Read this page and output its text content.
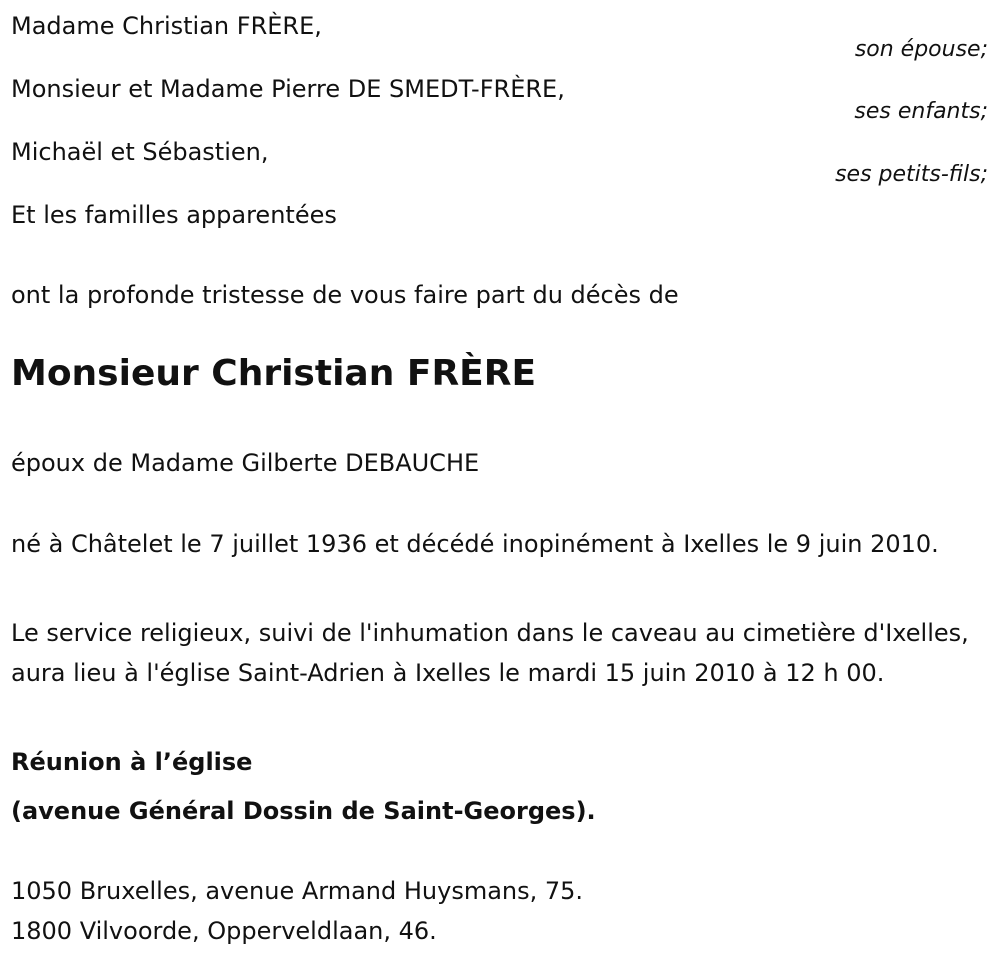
Madame Christian FRÈRE,
son épouse;
Monsieur et Madame Pierre DE SMEDT-FRÈRE,
ses enfants;
Michaël et Sébastien,
ses petits-fils;
Et les familles apparentées
ont la profonde tristesse de vous faire part du décès de
Monsieur Christian FRÈRE
époux de Madame Gilberte DEBAUCHE
né à Châtelet le 7 juillet 1936 et décédé inopinément à Ixelles le 9 juin 2010.
Le service religieux, suivi de l'inhumation dans le caveau au cimetière d'Ixelles, aura lieu à l'église Saint-Adrien à Ixelles le mardi 15 juin 2010 à 12 h 00.
Réunion à l’église
(avenue Général Dossin de Saint-Georges).
1050 Bruxelles, avenue Armand Huysmans, 75.
1800 Vilvoorde, Opperveldlaan, 46.
